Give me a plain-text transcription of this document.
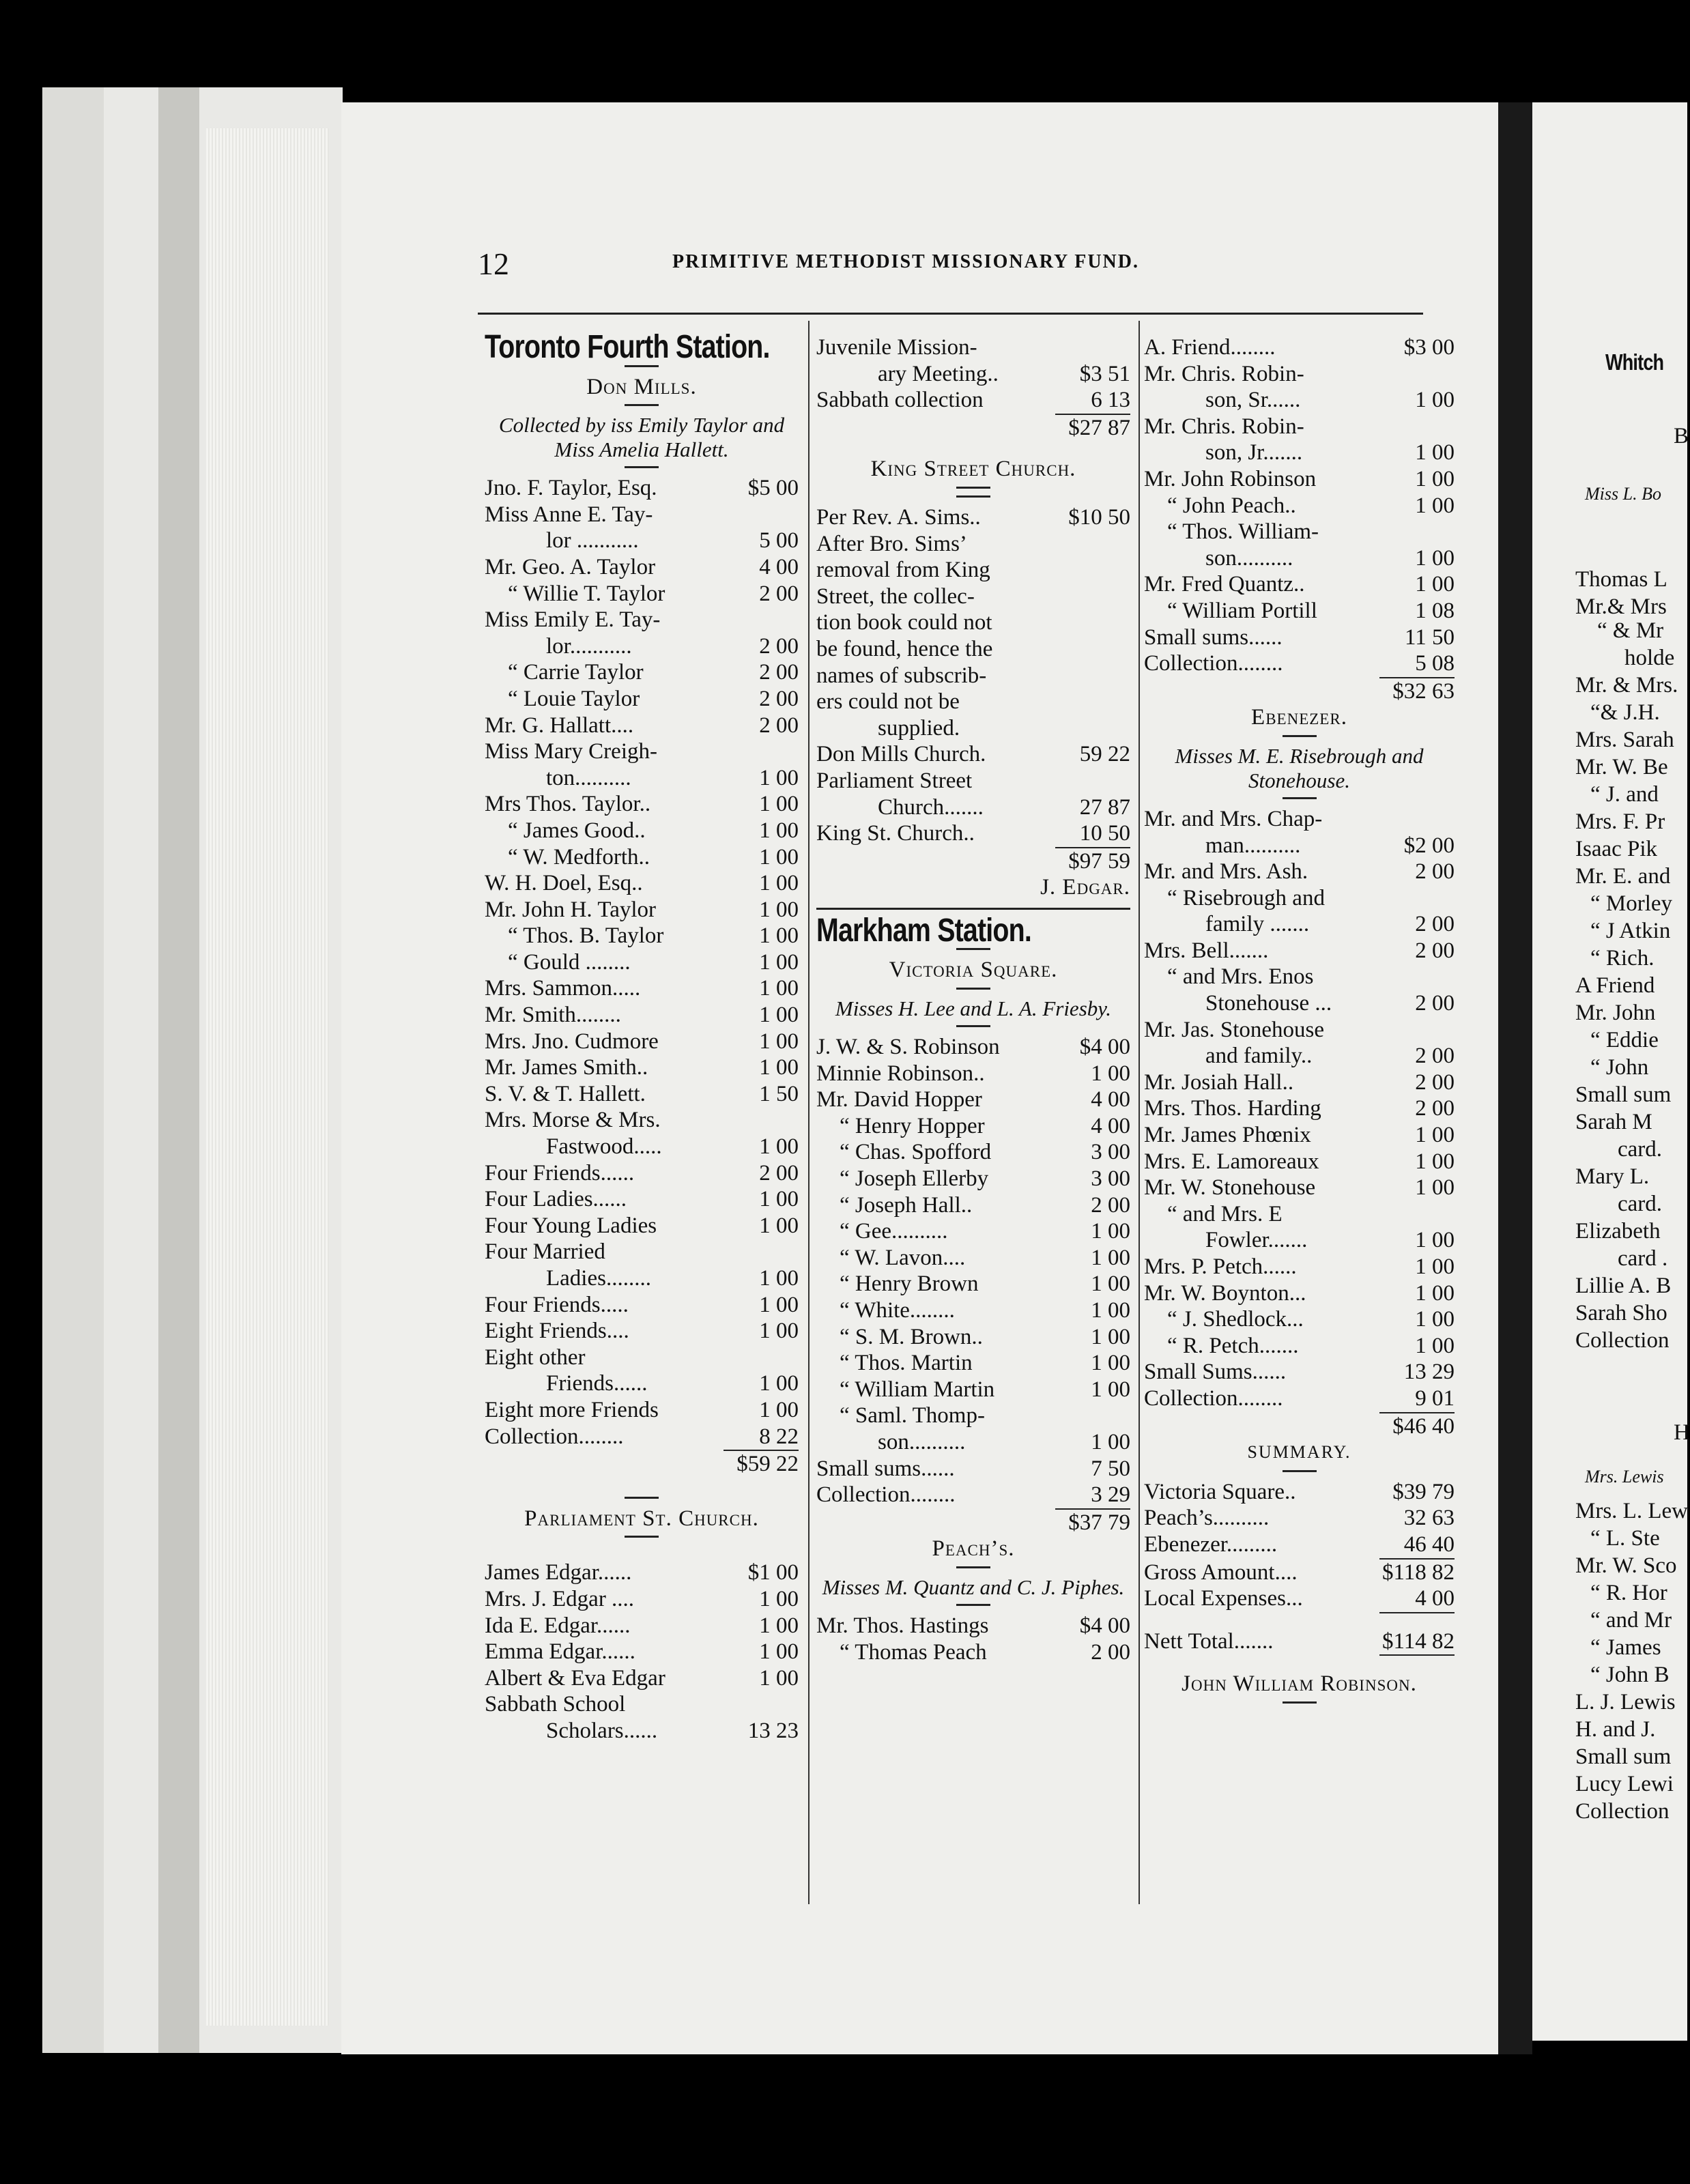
12	PRIMITIVE METHODIST MISSIONARY FUND.
Toronto Fourth Station.
Don Mills.
Collected by iss Emily Taylor and Miss Amelia Hallett.
Jno. F. Taylor, Esq.	$5 00
Miss Anne E. Tay-
lor ...........	5 00
Mr. Geo. A. Taylor	4 00
“ Willie T. Taylor	2 00
Miss Emily E. Tay-
lor...........	2 00
“ Carrie Taylor	2 00
“ Louie Taylor	2 00
Mr. G. Hallatt....	2 00
Miss Mary Creigh-
ton..........	1 00
Mrs Thos. Taylor..	1 00
“ James Good..	1 00
“ W. Medforth..	1 00
W. H. Doel, Esq..	1 00
Mr. John H. Taylor	1 00
“ Thos. B. Taylor	1 00
“ Gould ........	1 00
Mrs. Sammon.....	1 00
Mr. Smith........	1 00
Mrs. Jno. Cudmore	1 00
Mr. James Smith..	1 00
S. V. & T. Hallett.	1 50
Mrs. Morse & Mrs.
Fastwood.....	1 00
Four Friends......	2 00
Four Ladies......	1 00
Four Young Ladies	1 00
Four Married
Ladies........	1 00
Four Friends.....	1 00
Eight Friends....	1 00
Eight other
Friends......	1 00
Eight more Friends	1 00
Collection........	8 22
$59 22
Parliament St. Church.
James Edgar......	$1 00
Mrs. J. Edgar ....	1 00
Ida E. Edgar......	1 00
Emma Edgar......	1 00
Albert & Eva Edgar	1 00
Sabbath School
Scholars......	13 23
Juvenile Mission-
ary Meeting..	$3 51
Sabbath collection	6 13
$27 87
King Street Church.
Per Rev. A. Sims..	$10 50
After Bro. Sims’
removal from King
Street, the collec-
tion book could not
be found, hence the
names of subscrib-
ers could not be
supplied.
Don Mills Church.	59 22
Parliament Street
Church.......	27 87
King St. Church..	10 50
$97 59
J. Edgar.
Markham Station.
Victoria Square.
Misses H. Lee and L. A. Friesby.
J. W. & S. Robinson	$4 00
Minnie Robinson..	1 00
Mr. David Hopper	4 00
“ Henry Hopper	4 00
“ Chas. Spofford	3 00
“ Joseph Ellerby	3 00
“ Joseph Hall..	2 00
“ Gee..........	1 00
“ W. Lavon....	1 00
“ Henry Brown	1 00
“ White........	1 00
“ S. M. Brown..	1 00
“ Thos. Martin	1 00
“ William Martin	1 00
“ Saml. Thomp-
son..........	1 00
Small sums......	7 50
Collection........	3 29
$37 79
Peach’s.
Misses M. Quantz and C. J. Piphes.
Mr. Thos. Hastings	$4 00
“ Thomas Peach	2 00
A. Friend........	$3 00
Mr. Chris. Robin-
son, Sr......	1 00
Mr. Chris. Robin-
son, Jr.......	1 00
Mr. John Robinson	1 00
“ John Peach..	1 00
“ Thos. William-
son..........	1 00
Mr. Fred Quantz..	1 00
“ William Portill	1 08
Small sums......	11 50
Collection........	5 08
$32 63
Ebenezer.
Misses M. E. Risebrough and Stonehouse.
Mr. and Mrs. Chap-
man..........	$2 00
Mr. and Mrs. Ash.	2 00
“ Risebrough and
family .......	2 00
Mrs. Bell.......	2 00
“ and Mrs. Enos
Stonehouse ...	2 00
Mr. Jas. Stonehouse
and family..	2 00
Mr. Josiah Hall..	2 00
Mrs. Thos. Harding	2 00
Mr. James Phœnix	1 00
Mrs. E. Lamoreaux	1 00
Mr. W. Stonehouse	1 00
“ and Mrs. E
Fowler.......	1 00
Mrs. P. Petch......	1 00
Mr. W. Boynton...	1 00
“ J. Shedlock...	1 00
“ R. Petch.......	1 00
Small Sums......	13 29
Collection........	9 01
$46 40
SUMMARY.
Victoria Square..	$39 79
Peach’s..........	32 63
Ebenezer.........	46 40
Gross Amount....	$118 82
Local Expenses...	4 00
Nett Total.......	$114 82
John William Robinson.
Whitch
B
Miss L. Bo
Thomas L
Mr.& Mrs
“ & Mr
holde
Mr. & Mrs.
“& J.H.
Mrs. Sarah
Mr. W. Be
“ J. and
Mrs. F. Pr
Isaac Pik
Mr. E. and
“ Morley
“ J Atkin
“ Rich.
A Friend
Mr. John
“ Eddie
“ John
Small sum
Sarah M
card.
Mary L.
card.
Elizabeth
card .
Lillie A. B
Sarah Sho
Collection
H
Mrs. Lewis
Mrs. L. Lew
“ L. Ste
Mr. W. Sco
“ R. Hor
“ and Mr
“ James
“ John B
L. J. Lewis
H. and J.
Small sum
Lucy Lewi
Collection
